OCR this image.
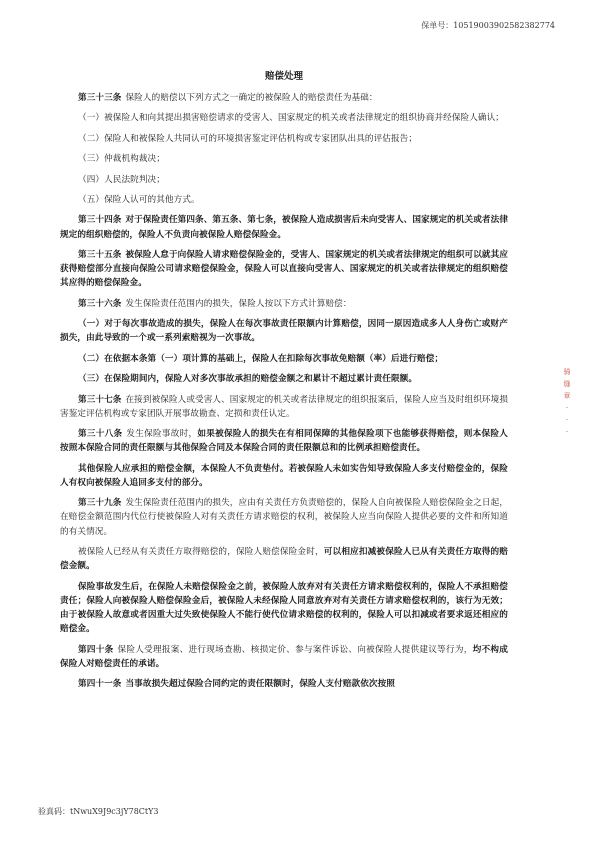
保单号：10519003902582382774
赔偿处理
第三十三条 保险人的赔偿以下列方式之一确定的被保险人的赔偿责任为基础：
（一）被保险人和向其提出损害赔偿请求的受害人、国家规定的机关或者法律规定的组织协商并经保险人确认；
（二）保险人和被保险人共同认可的环境损害鉴定评估机构或专家团队出具的评估报告；
（三）仲裁机构裁决；
（四）人民法院判决；
（五）保险人认可的其他方式。
第三十四条 对于保险责任第四条、第五条、第七条，被保险人造成损害后未向受害人、国家规定的机关或者法律规定的组织赔偿的，保险人不负责向被保险人赔偿保险金。
第三十五条 被保险人怠于向保险人请求赔偿保险金的，受害人、国家规定的机关或者法律规定的组织可以就其应获得赔偿部分直接向保险公司请求赔偿保险金，保险人可以直接向受害人、国家规定的机关或者法律规定的组织赔偿其应得的赔偿保险金。
第三十六条 发生保险责任范围内的损失，保险人按以下方式计算赔偿：
（一）对于每次事故造成的损失，保险人在每次事故责任限额内计算赔偿，因同一原因造成多人人身伤亡或财产损失，由此导致的一个或一系列索赔视为一次事故。
（二）在依据本条第（一）项计算的基础上，保险人在扣除每次事故免赔额（率）后进行赔偿；
（三）在保险期间内，保险人对多次事故承担的赔偿金额之和累计不超过累计责任限额。
第三十七条 在接到被保险人或受害人、国家规定的机关或者法律规定的组织报案后，保险人应当及时组织环境损害鉴定评估机构或专家团队开展事故勘查、定损和责任认定。
第三十八条 发生保险事故时，如果被保险人的损失在有相同保障的其他保险项下也能够获得赔偿，则本保险人按照本保险合同的责任限额与其他保险合同及本保险合同的责任限额总和的比例承担赔偿责任。
其他保险人应承担的赔偿金额，本保险人不负责垫付。若被保险人未如实告知导致保险人多支付赔偿金的，保险人有权向被保险人追回多支付的部分。
第三十九条 发生保险责任范围内的损失，应由有关责任方负责赔偿的，保险人自向被保险人赔偿保险金之日起，在赔偿金额范围内代位行使被保险人对有关责任方请求赔偿的权利，被保险人应当向保险人提供必要的文件和所知道的有关情况。
被保险人已经从有关责任方取得赔偿的，保险人赔偿保险金时，可以相应扣减被保险人已从有关责任方取得的赔偿金额。
保险事故发生后，在保险人未赔偿保险金之前，被保险人放弃对有关责任方请求赔偿权利的，保险人不承担赔偿责任；保险人向被保险人赔偿保险金后，被保险人未经保险人同意放弃对有关责任方请求赔偿权利的，该行为无效；由于被保险人故意或者因重大过失致使保险人不能行使代位请求赔偿的权利的，保险人可以扣减或者要求返还相应的赔偿金。
第四十条 保险人受理报案、进行现场查勘、核损定价、参与案件诉讼、向被保险人提供建议等行为，均不构成保险人对赔偿责任的承诺。
第四十一条 当事故损失超过保险合同约定的责任限额时，保险人支付赔款依次按照
骑
缝
章
·
·
·
验真码：tNwuX9J9c3jY78CtY3
